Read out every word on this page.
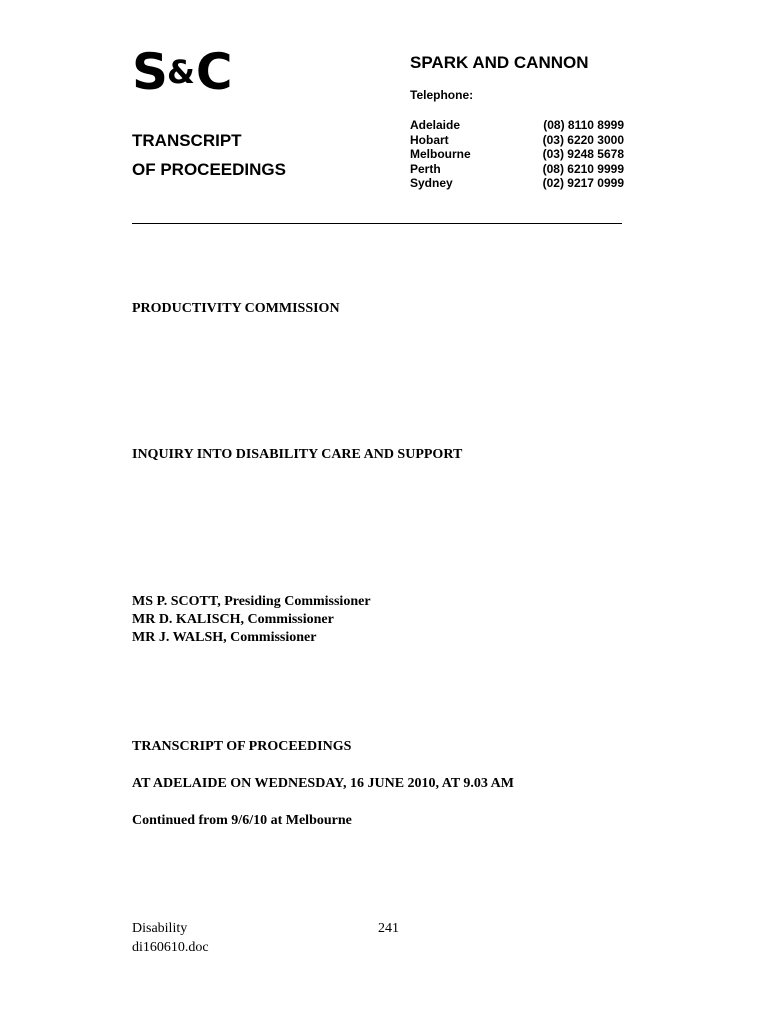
S&C	SPARK AND CANNON
Telephone:
Adelaide	(08) 8110 8999
Hobart	(03) 6220 3000
Melbourne	(03) 9248 5678
Perth	(08) 6210 9999
Sydney	(02) 9217 0999
TRANSCRIPT
OF PROCEEDINGS
PRODUCTIVITY COMMISSION
INQUIRY INTO DISABILITY CARE AND SUPPORT
MS P. SCOTT, Presiding Commissioner
MR D. KALISCH, Commissioner
MR J. WALSH, Commissioner
TRANSCRIPT OF PROCEEDINGS
AT ADELAIDE ON WEDNESDAY, 16 JUNE 2010, AT 9.03 AM
Continued from 9/6/10 at Melbourne
Disability
di160610.doc
241
